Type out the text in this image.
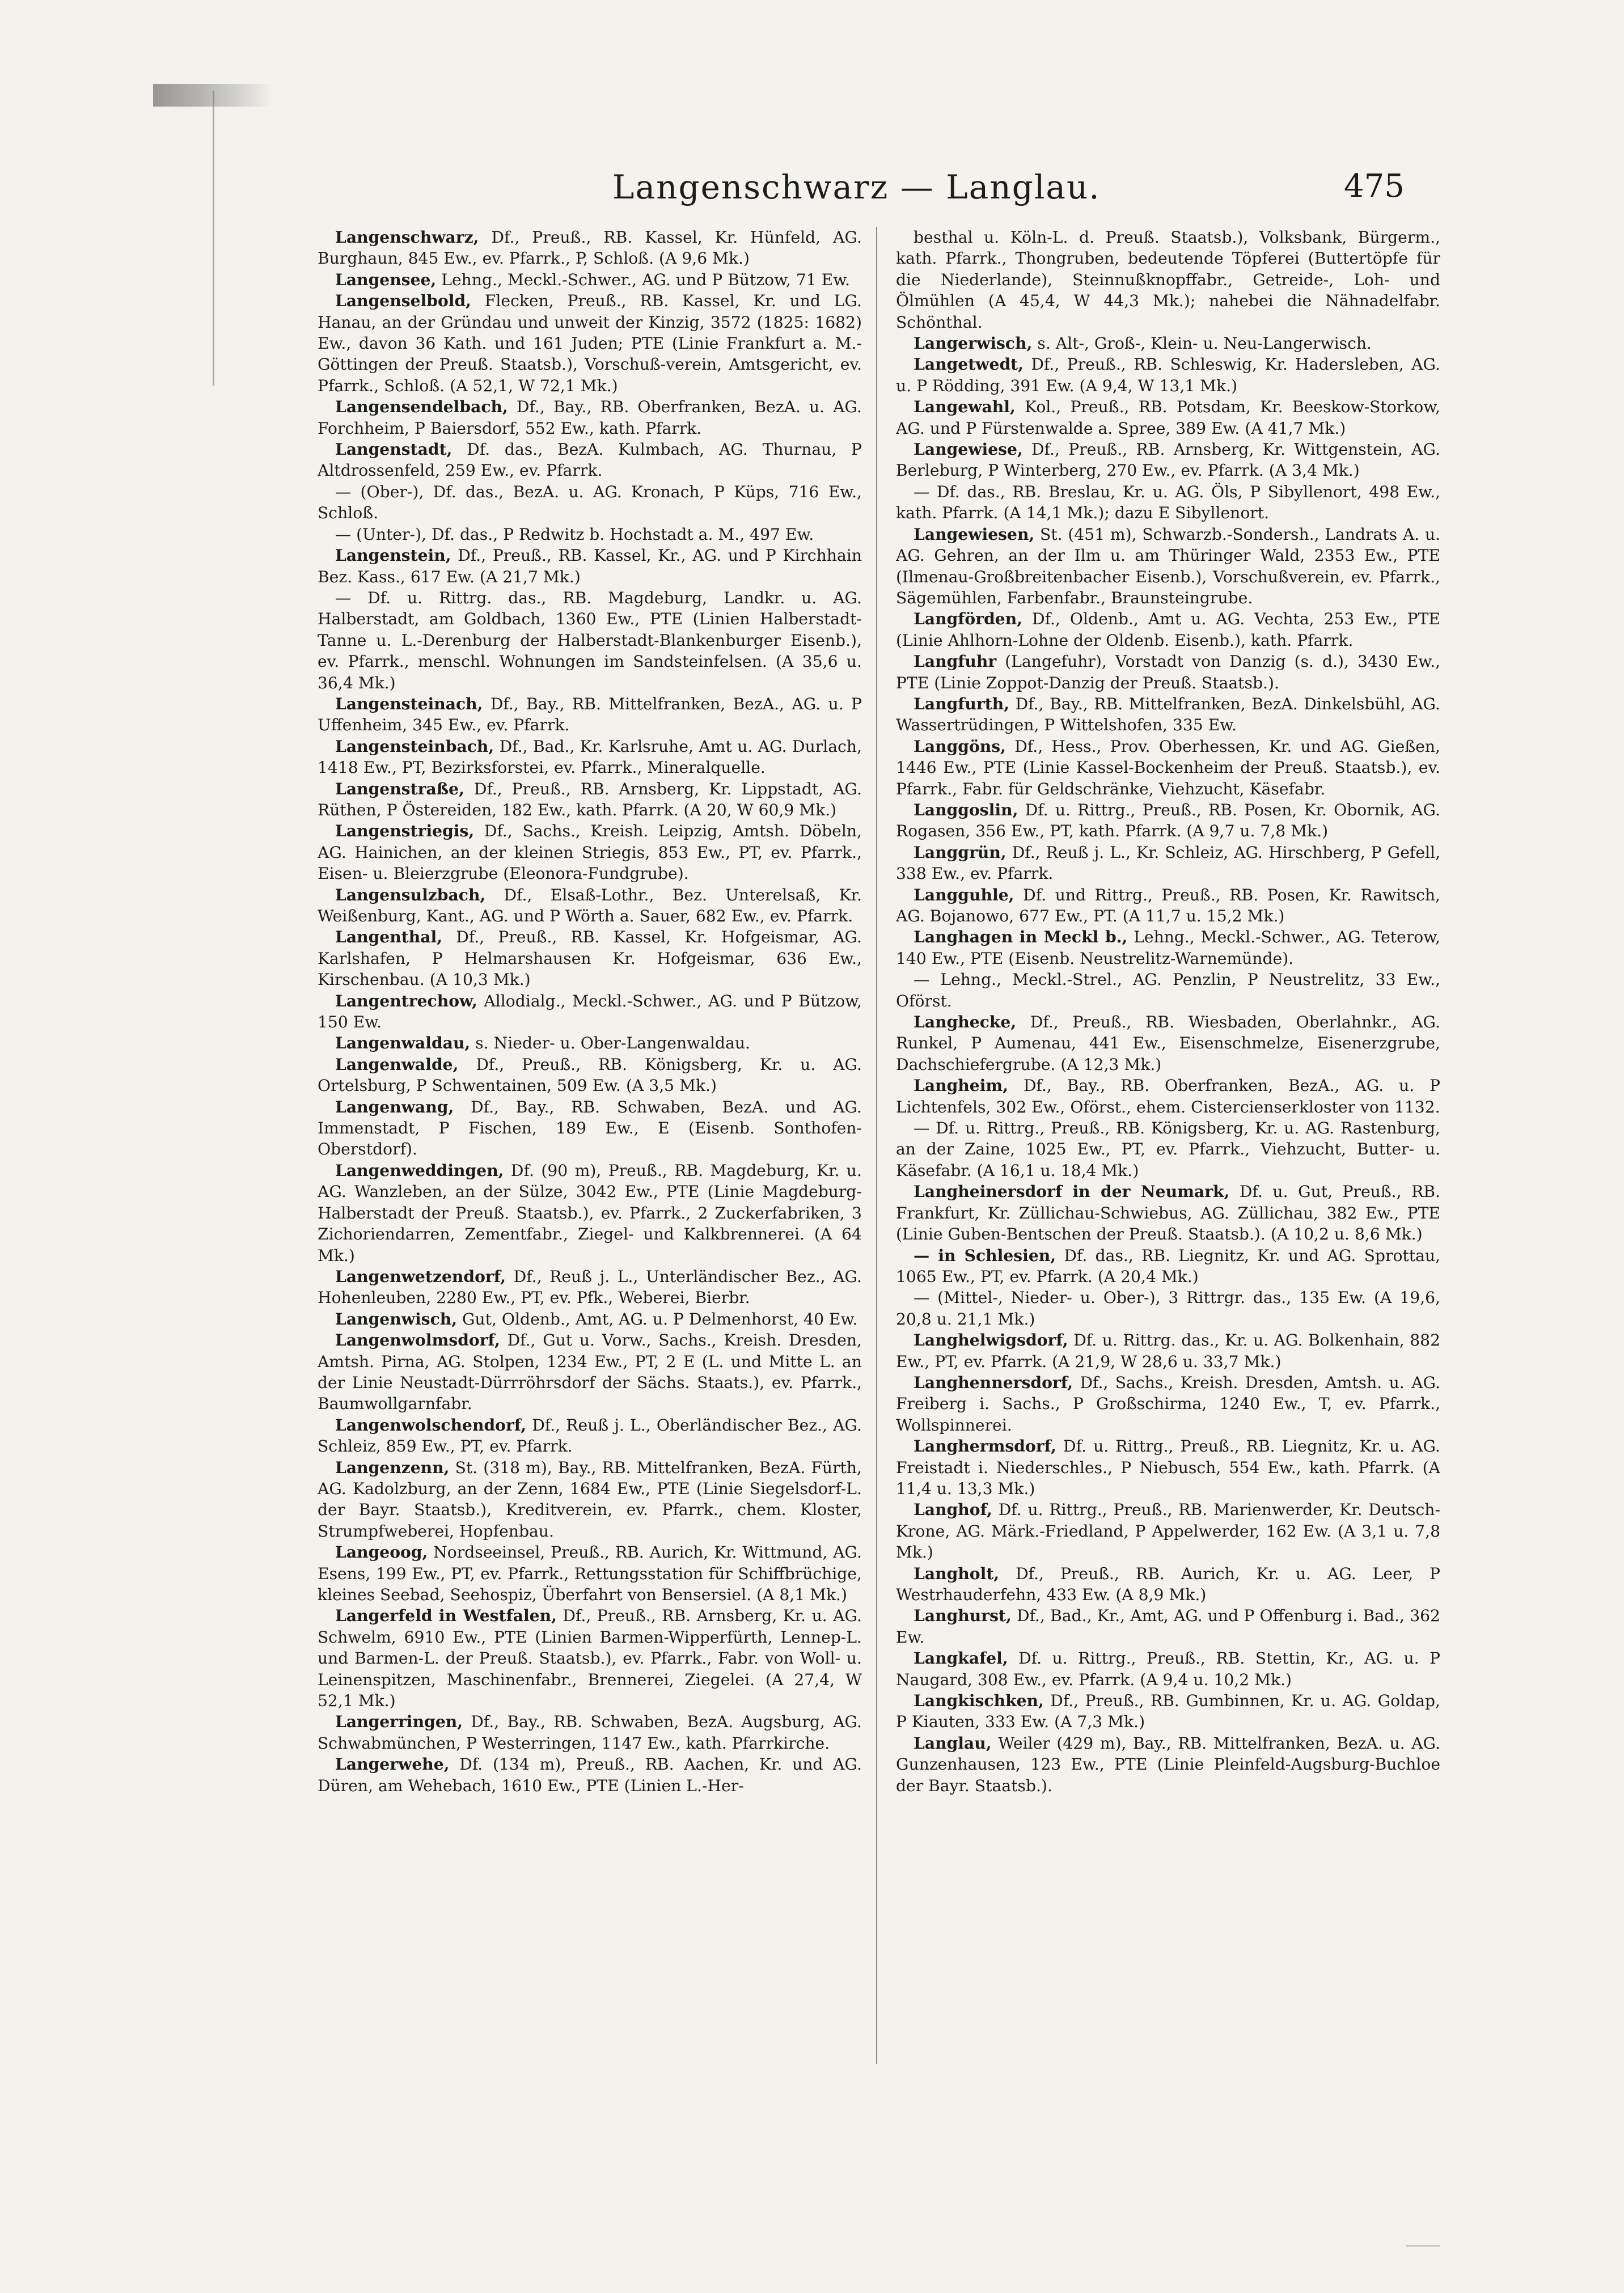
Langenschwarz — Langlau.	475

Langenschwarz, Df., Preuß., RB. Kassel, Kr. Hünfeld, AG. Burghaun, 845 Ew., ev. Pfarrk., P, Schloß. (A 9,6 Mk.)

Langensee, Lehng., Meckl.-Schwer., AG. und P Bützow, 71 Ew.

Langenselbold, Flecken, Preuß., RB. Kassel, Kr. und LG. Hanau, an der Gründau und unweit der Kinzig, 3572 (1825: 1682) Ew., davon 36 Kath. und 161 Juden; PTE (Linie Frankfurt a. M.-Göttingen der Preuß. Staatsb.), Vorschuß-verein, Amtsgericht, ev. Pfarrk., Schloß. (A 52,1, W 72,1 Mk.)

Langensendelbach, Df., Bay., RB. Oberfranken, BezA. u. AG. Forchheim, P Baiersdorf, 552 Ew., kath. Pfarrk.

Langenstadt, Df. das., BezA. Kulmbach, AG. Thurnau, P Altdrossenfeld, 259 Ew., ev. Pfarrk.

— (Ober-), Df. das., BezA. u. AG. Kronach, P Küps, 716 Ew., Schloß.

— (Unter-), Df. das., P Redwitz b. Hochstadt a. M., 497 Ew.

Langenstein, Df., Preuß., RB. Kassel, Kr., AG. und P Kirchhain Bez. Kass., 617 Ew. (A 21,7 Mk.)

— Df. u. Rittrg. das., RB. Magdeburg, Landkr. u. AG. Halberstadt, am Goldbach, 1360 Ew., PTE (Linien Halberstadt-Tanne u. L.-Derenburg der Halberstadt-Blankenburger Eisenb.), ev. Pfarrk., menschl. Wohnungen im Sandsteinfelsen. (A 35,6 u. 36,4 Mk.)

Langensteinach, Df., Bay., RB. Mittelfranken, BezA., AG. u. P Uffenheim, 345 Ew., ev. Pfarrk.

Langensteinbach, Df., Bad., Kr. Karlsruhe, Amt u. AG. Durlach, 1418 Ew., PT, Bezirksforstei, ev. Pfarrk., Mineralquelle.

Langenstraße, Df., Preuß., RB. Arnsberg, Kr. Lippstadt, AG. Rüthen, P Östereiden, 182 Ew., kath. Pfarrk. (A 20, W 60,9 Mk.)

Langenstriegis, Df., Sachs., Kreish. Leipzig, Amtsh. Döbeln, AG. Hainichen, an der kleinen Striegis, 853 Ew., PT, ev. Pfarrk., Eisen- u. Bleierzgrube (Eleonora-Fundgrube).

Langensulzbach, Df., Elsaß-Lothr., Bez. Unterelsaß, Kr. Weißenburg, Kant., AG. und P Wörth a. Sauer, 682 Ew., ev. Pfarrk.

Langenthal, Df., Preuß., RB. Kassel, Kr. Hofgeismar, AG. Karlshafen, P Helmarshausen Kr. Hofgeismar, 636 Ew., Kirschenbau. (A 10,3 Mk.)

Langentrechow, Allodialg., Meckl.-Schwer., AG. und P Bützow, 150 Ew.

Langenwaldau, s. Nieder- u. Ober-Langenwaldau.

Langenwalde, Df., Preuß., RB. Königsberg, Kr. u. AG. Ortelsburg, P Schwentainen, 509 Ew. (A 3,5 Mk.)

Langenwang, Df., Bay., RB. Schwaben, BezA. und AG. Immenstadt, P Fischen, 189 Ew., E (Eisenb. Sonthofen-Oberstdorf).

Langenweddingen, Df. (90 m), Preuß., RB. Magdeburg, Kr. u. AG. Wanzleben, an der Sülze, 3042 Ew., PTE (Linie Magdeburg-Halberstadt der Preuß. Staatsb.), ev. Pfarrk., 2 Zuckerfabriken, 3 Zichoriendarren, Zementfabr., Ziegel- und Kalkbrennerei. (A 64 Mk.)

Langenwetzendorf, Df., Reuß j. L., Unterländischer Bez., AG. Hohenleuben, 2280 Ew., PT, ev. Pfk., Weberei, Bierbr.

Langenwisch, Gut, Oldenb., Amt, AG. u. P Delmenhorst, 40 Ew.

Langenwolmsdorf, Df., Gut u. Vorw., Sachs., Kreish. Dresden, Amtsh. Pirna, AG. Stolpen, 1234 Ew., PT, 2 E (L. und Mitte L. an der Linie Neustadt-Dürrröhrsdorf der Sächs. Staats.), ev. Pfarrk., Baumwollgarnfabr.

Langenwolschendorf, Df., Reuß j. L., Oberländischer Bez., AG. Schleiz, 859 Ew., PT, ev. Pfarrk.

Langenzenn, St. (318 m), Bay., RB. Mittelfranken, BezA. Fürth, AG. Kadolzburg, an der Zenn, 1684 Ew., PTE (Linie Siegelsdorf-L. der Bayr. Staatsb.), Kreditverein, ev. Pfarrk., chem. Kloster, Strumpfweberei, Hopfenbau.

Langeoog, Nordseeinsel, Preuß., RB. Aurich, Kr. Wittmund, AG. Esens, 199 Ew., PT, ev. Pfarrk., Rettungsstation für Schiffbrüchige, kleines Seebad, Seehospiz, Überfahrt von Bensersiel. (A 8,1 Mk.)

Langerfeld in Westfalen, Df., Preuß., RB. Arnsberg, Kr. u. AG. Schwelm, 6910 Ew., PTE (Linien Barmen-Wipperfürth, Lennep-L. und Barmen-L. der Preuß. Staatsb.), ev. Pfarrk., Fabr. von Woll- u. Leinenspitzen, Maschinenfabr., Brennerei, Ziegelei. (A 27,4, W 52,1 Mk.)

Langerringen, Df., Bay., RB. Schwaben, BezA. Augsburg, AG. Schwabmünchen, P Westerringen, 1147 Ew., kath. Pfarrkirche.

Langerwehe, Df. (134 m), Preuß., RB. Aachen, Kr. und AG. Düren, am Wehebach, 1610 Ew., PTE (Linien L.-Her-

besthal u. Köln-L. d. Preuß. Staatsb.), Volksbank, Bürgerm., kath. Pfarrk., Thongruben, bedeutende Töpferei (Buttertöpfe für die Niederlande), Steinnußknopffabr., Getreide-, Loh- und Ölmühlen (A 45,4, W 44,3 Mk.); nahebei die Nähnadelfabr. Schönthal.

Langerwisch, s. Alt-, Groß-, Klein- u. Neu-Langerwisch.

Langetwedt, Df., Preuß., RB. Schleswig, Kr. Hadersleben, AG. u. P Rödding, 391 Ew. (A 9,4, W 13,1 Mk.)

Langewahl, Kol., Preuß., RB. Potsdam, Kr. Beeskow-Storkow, AG. und P Fürstenwalde a. Spree, 389 Ew. (A 41,7 Mk.)

Langewiese, Df., Preuß., RB. Arnsberg, Kr. Wittgenstein, AG. Berleburg, P Winterberg, 270 Ew., ev. Pfarrk. (A 3,4 Mk.)

— Df. das., RB. Breslau, Kr. u. AG. Öls, P Sibyllenort, 498 Ew., kath. Pfarrk. (A 14,1 Mk.); dazu E Sibyllenort.

Langewiesen, St. (451 m), Schwarzb.-Sondersh., Landrats A. u. AG. Gehren, an der Ilm u. am Thüringer Wald, 2353 Ew., PTE (Ilmenau-Großbreitenbacher Eisenb.), Vorschußverein, ev. Pfarrk., Sägemühlen, Farbenfabr., Braunsteingrube.

Langförden, Df., Oldenb., Amt u. AG. Vechta, 253 Ew., PTE (Linie Ahlhorn-Lohne der Oldenb. Eisenb.), kath. Pfarrk.

Langfuhr (Langefuhr), Vorstadt von Danzig (s. d.), 3430 Ew., PTE (Linie Zoppot-Danzig der Preuß. Staatsb.).

Langfurth, Df., Bay., RB. Mittelfranken, BezA. Dinkelsbühl, AG. Wassertrüdingen, P Wittelshofen, 335 Ew.

Langgöns, Df., Hess., Prov. Oberhessen, Kr. und AG. Gießen, 1446 Ew., PTE (Linie Kassel-Bockenheim der Preuß. Staatsb.), ev. Pfarrk., Fabr. für Geldschränke, Viehzucht, Käsefabr.

Langgoslin, Df. u. Rittrg., Preuß., RB. Posen, Kr. Obornik, AG. Rogasen, 356 Ew., PT, kath. Pfarrk. (A 9,7 u. 7,8 Mk.)

Langgrün, Df., Reuß j. L., Kr. Schleiz, AG. Hirschberg, P Gefell, 338 Ew., ev. Pfarrk.

Langguhle, Df. und Rittrg., Preuß., RB. Posen, Kr. Rawitsch, AG. Bojanowo, 677 Ew., PT. (A 11,7 u. 15,2 Mk.)

Langhagen in Meckl b., Lehng., Meckl.-Schwer., AG. Teterow, 140 Ew., PTE (Eisenb. Neustrelitz-Warnemünde).

— Lehng., Meckl.-Strel., AG. Penzlin, P Neustrelitz, 33 Ew., Oförst.

Langhecke, Df., Preuß., RB. Wiesbaden, Oberlahnkr., AG. Runkel, P Aumenau, 441 Ew., Eisenschmelze, Eisenerzgrube, Dachschiefergrube. (A 12,3 Mk.)

Langheim, Df., Bay., RB. Oberfranken, BezA., AG. u. P Lichtenfels, 302 Ew., Oförst., ehem. Cistercienserkloster von 1132.

— Df. u. Rittrg., Preuß., RB. Königsberg, Kr. u. AG. Rastenburg, an der Zaine, 1025 Ew., PT, ev. Pfarrk., Viehzucht, Butter- u. Käsefabr. (A 16,1 u. 18,4 Mk.)

Langheinersdorf in der Neumark, Df. u. Gut, Preuß., RB. Frankfurt, Kr. Züllichau-Schwiebus, AG. Züllichau, 382 Ew., PTE (Linie Guben-Bentschen der Preuß. Staatsb.). (A 10,2 u. 8,6 Mk.)

— in Schlesien, Df. das., RB. Liegnitz, Kr. und AG. Sprottau, 1065 Ew., PT, ev. Pfarrk. (A 20,4 Mk.)

— (Mittel-, Nieder- u. Ober-), 3 Rittrgr. das., 135 Ew. (A 19,6, 20,8 u. 21,1 Mk.)

Langhelwigsdorf, Df. u. Rittrg. das., Kr. u. AG. Bolkenhain, 882 Ew., PT, ev. Pfarrk. (A 21,9, W 28,6 u. 33,7 Mk.)

Langhennersdorf, Df., Sachs., Kreish. Dresden, Amtsh. u. AG. Freiberg i. Sachs., P Großschirma, 1240 Ew., T, ev. Pfarrk., Wollspinnerei.

Langhermsdorf, Df. u. Rittrg., Preuß., RB. Liegnitz, Kr. u. AG. Freistadt i. Niederschles., P Niebusch, 554 Ew., kath. Pfarrk. (A 11,4 u. 13,3 Mk.)

Langhof, Df. u. Rittrg., Preuß., RB. Marienwerder, Kr. Deutsch-Krone, AG. Märk.-Friedland, P Appelwerder, 162 Ew. (A 3,1 u. 7,8 Mk.)

Langholt, Df., Preuß., RB. Aurich, Kr. u. AG. Leer, P Westrhauderfehn, 433 Ew. (A 8,9 Mk.)

Langhurst, Df., Bad., Kr., Amt, AG. und P Offenburg i. Bad., 362 Ew.

Langkafel, Df. u. Rittrg., Preuß., RB. Stettin, Kr., AG. u. P Naugard, 308 Ew., ev. Pfarrk. (A 9,4 u. 10,2 Mk.)

Langkischken, Df., Preuß., RB. Gumbinnen, Kr. u. AG. Goldap, P Kiauten, 333 Ew. (A 7,3 Mk.)

Langlau, Weiler (429 m), Bay., RB. Mittelfranken, BezA. u. AG. Gunzenhausen, 123 Ew., PTE (Linie Pleinfeld-Augsburg-Buchloe der Bayr. Staatsb.).
